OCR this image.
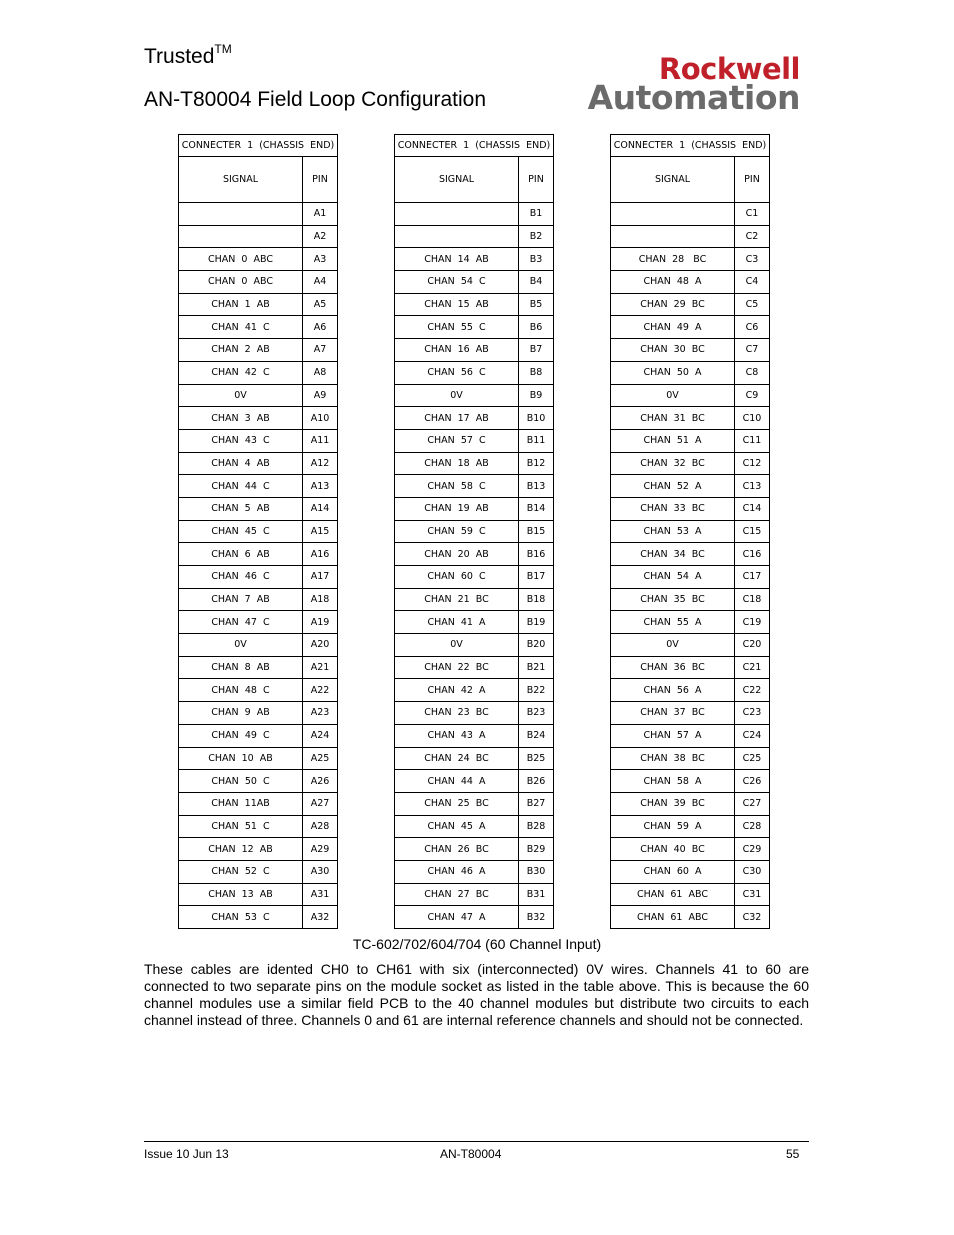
Trusted™
AN-T80004 Field Loop Configuration
Rockwell
Automation
CONNECTER  1  (CHASSIS  END)	
SIGNAL	PIN
	A1
	A2
CHAN  0  ABC	A3
CHAN  0  ABC	A4
CHAN  1  AB	A5
CHAN  41  C	A6
CHAN  2  AB	A7
CHAN  42  C	A8
0V	A9
CHAN  3  AB	A10
CHAN  43  C	A11
CHAN  4  AB	A12
CHAN  44  C	A13
CHAN  5  AB	A14
CHAN  45  C	A15
CHAN  6  AB	A16
CHAN  46  C	A17
CHAN  7  AB	A18
CHAN  47  C	A19
0V	A20
CHAN  8  AB	A21
CHAN  48  C	A22
CHAN  9  AB	A23
CHAN  49  C	A24
CHAN  10  AB	A25
CHAN  50  C	A26
CHAN  11AB	A27
CHAN  51  C	A28
CHAN  12  AB	A29
CHAN  52  C	A30
CHAN  13  AB	A31
CHAN  53  C	A32
CONNECTER  1  (CHASSIS  END)	
SIGNAL	PIN
	B1
	B2
CHAN  14  AB	B3
CHAN  54  C	B4
CHAN  15  AB	B5
CHAN  55  C	B6
CHAN  16  AB	B7
CHAN  56  C	B8
0V	B9
CHAN  17  AB	B10
CHAN  57  C	B11
CHAN  18  AB	B12
CHAN  58  C	B13
CHAN  19  AB	B14
CHAN  59  C	B15
CHAN  20  AB	B16
CHAN  60  C	B17
CHAN  21  BC	B18
CHAN  41  A	B19
0V	B20
CHAN  22  BC	B21
CHAN  42  A	B22
CHAN  23  BC	B23
CHAN  43  A	B24
CHAN  24  BC	B25
CHAN  44  A	B26
CHAN  25  BC	B27
CHAN  45  A	B28
CHAN  26  BC	B29
CHAN  46  A	B30
CHAN  27  BC	B31
CHAN  47  A	B32
CONNECTER  1  (CHASSIS  END)	
SIGNAL	PIN
	C1
	C2
CHAN  28   BC	C3
CHAN  48  A	C4
CHAN  29  BC	C5
CHAN  49  A	C6
CHAN  30  BC	C7
CHAN  50  A	C8
0V	C9
CHAN  31  BC	C10
CHAN  51  A	C11
CHAN  32  BC	C12
CHAN  52  A	C13
CHAN  33  BC	C14
CHAN  53  A	C15
CHAN  34  BC	C16
CHAN  54  A	C17
CHAN  35  BC	C18
CHAN  55  A	C19
0V	C20
CHAN  36  BC	C21
CHAN  56  A	C22
CHAN  37  BC	C23
CHAN  57  A	C24
CHAN  38  BC	C25
CHAN  58  A	C26
CHAN  39  BC	C27
CHAN  59  A	C28
CHAN  40  BC	C29
CHAN  60  A	C30
CHAN  61  ABC	C31
CHAN  61  ABC	C32
TC-602/702/604/704 (60 Channel Input)
These cables are idented CH0 to CH61 with six (interconnected) 0V wires. Channels 41 to 60 are connected to two separate pins on the module socket as listed in the table above. This is because the 60 channel modules use a similar field PCB to the 40 channel modules but distribute two circuits to each channel instead of three. Channels 0 and 61 are internal reference channels and should not be connected.
Issue 10 Jun 13	AN-T80004	55
